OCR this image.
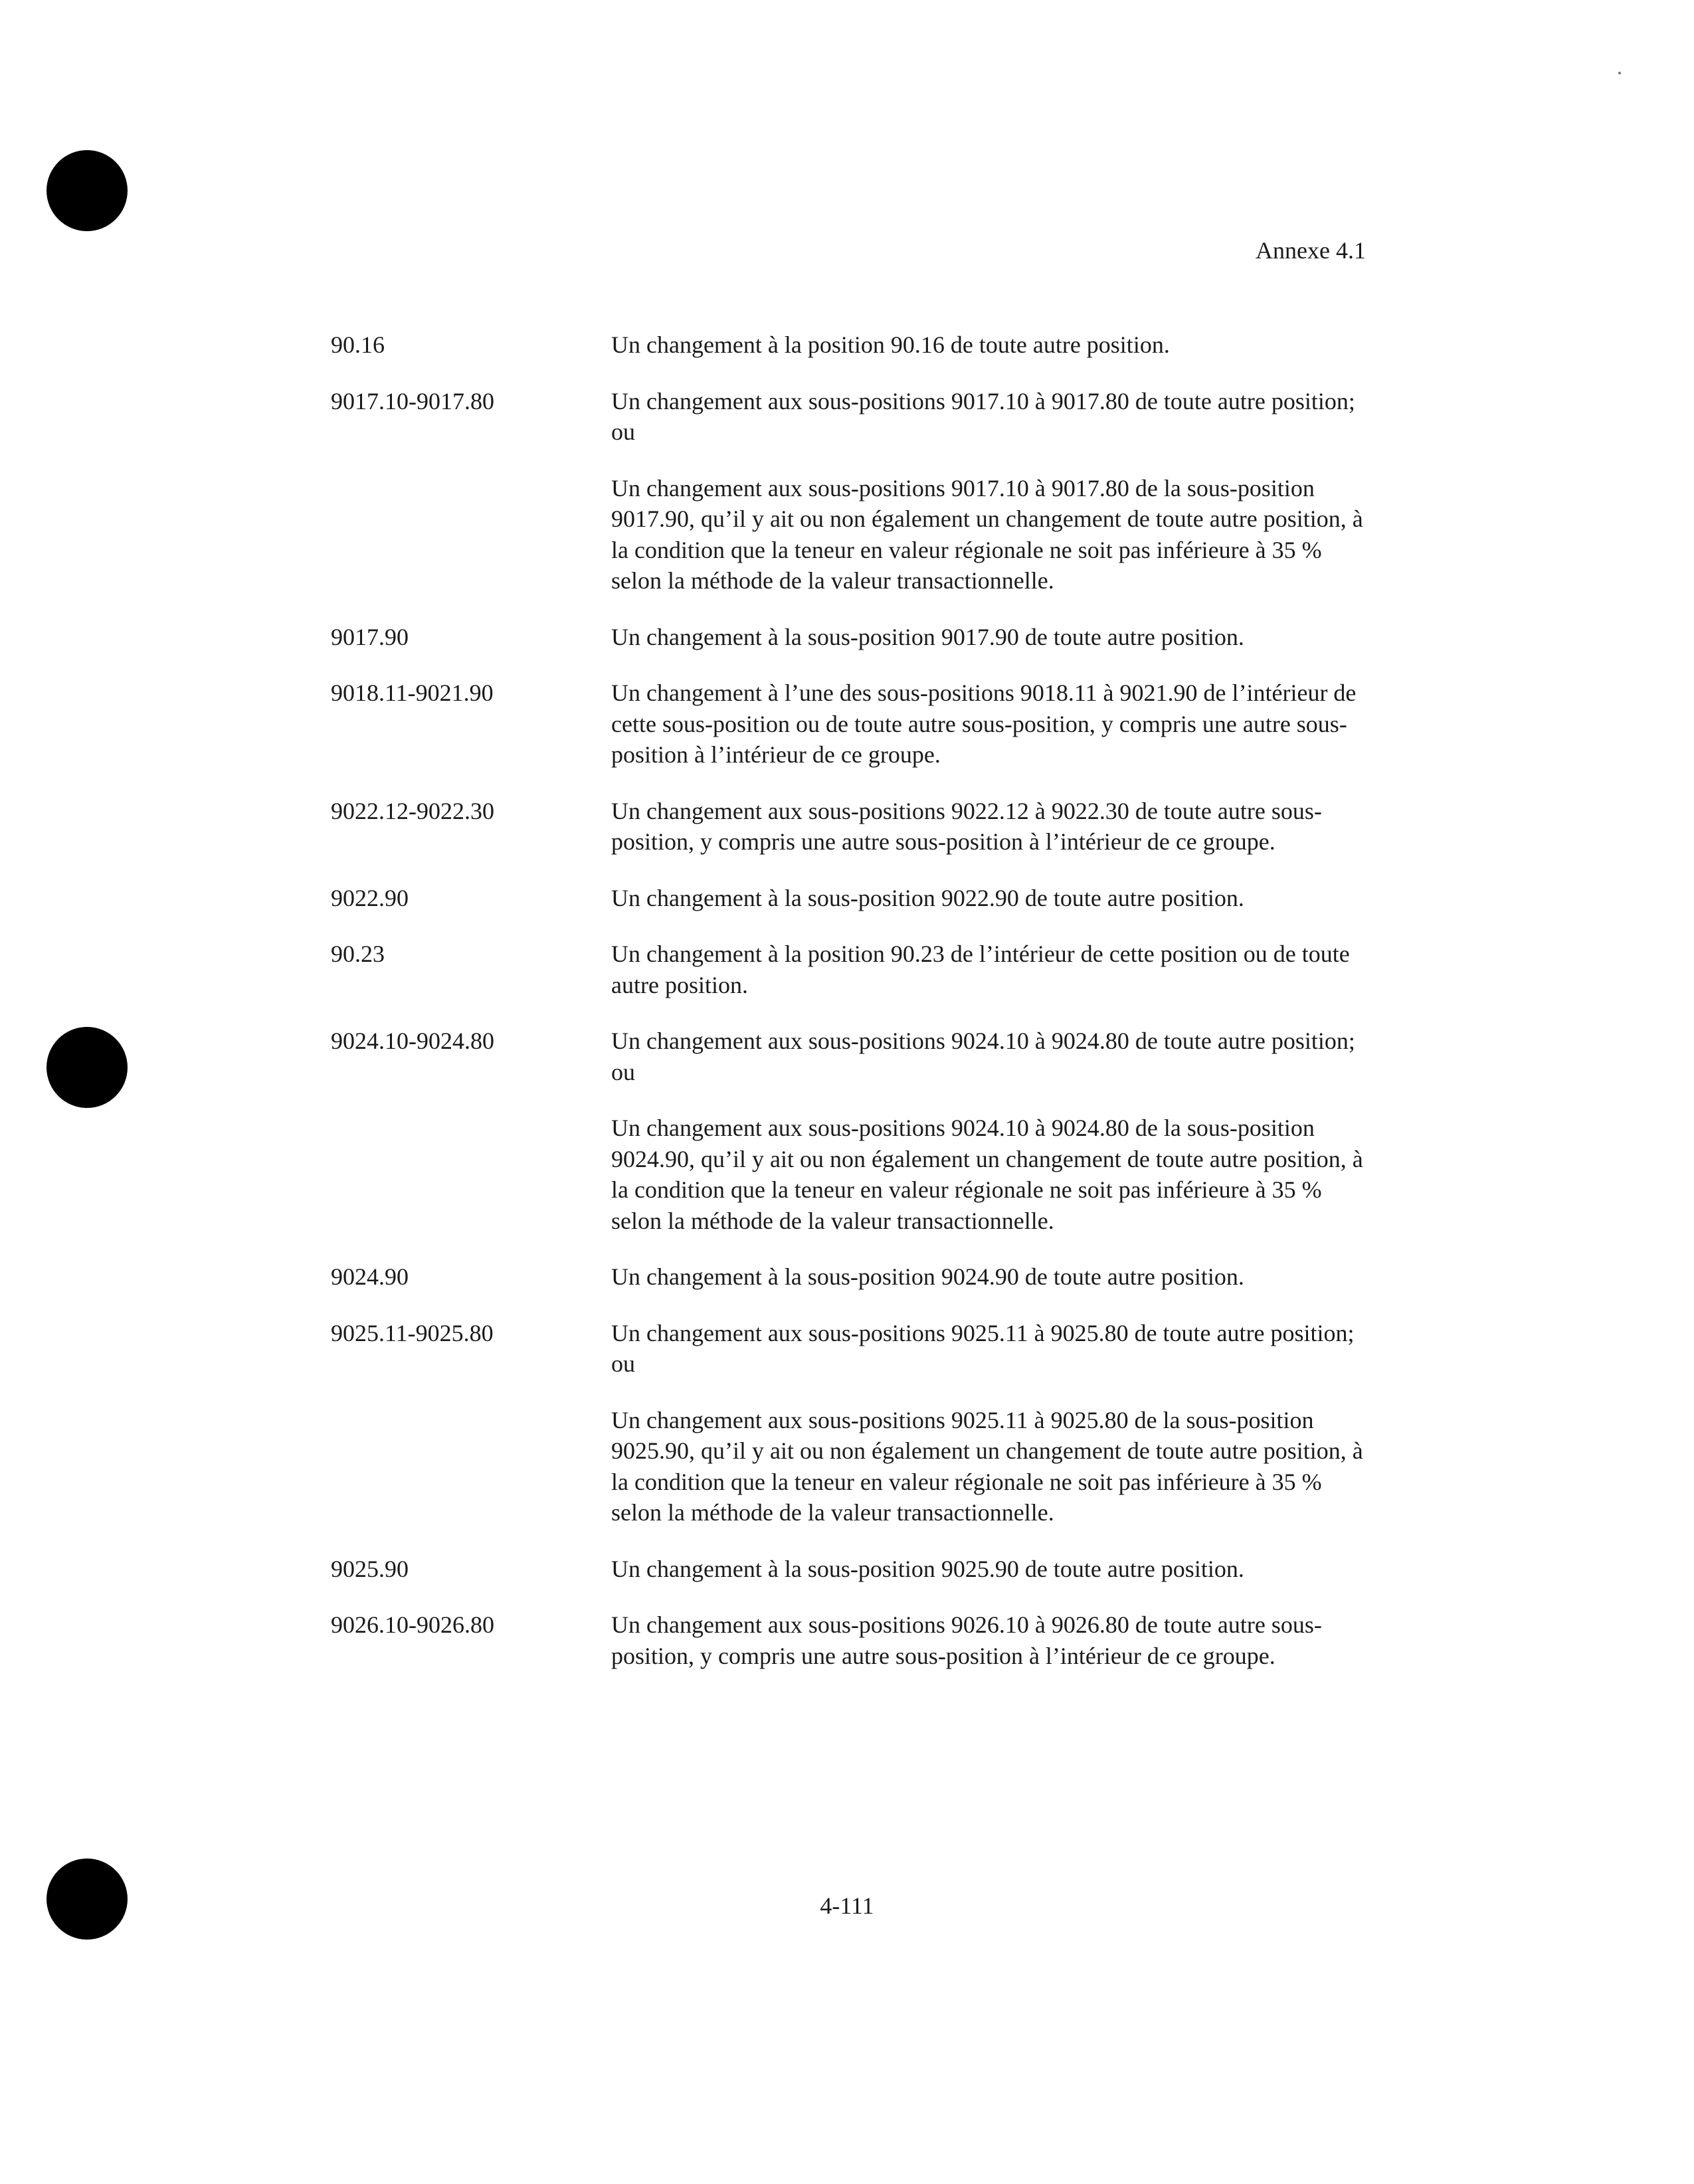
Annexe 4.1
90.16	Un changement à la position 90.16 de toute autre position.

9017.10-9017.80	Un changement aux sous-positions 9017.10 à 9017.80 de toute autre position; ou

Un changement aux sous-positions 9017.10 à 9017.80 de la sous-position 9017.90, qu’il y ait ou non également un changement de toute autre position, à la condition que la teneur en valeur régionale ne soit pas inférieure à 35 % selon la méthode de la valeur transactionnelle.

9017.90	Un changement à la sous-position 9017.90 de toute autre position.

9018.11-9021.90	Un changement à l’une des sous-positions 9018.11 à 9021.90 de l’intérieur de cette sous-position ou de toute autre sous-position, y compris une autre sous-position à l’intérieur de ce groupe.

9022.12-9022.30	Un changement aux sous-positions 9022.12 à 9022.30 de toute autre sous-position, y compris une autre sous-position à l’intérieur de ce groupe.

9022.90	Un changement à la sous-position 9022.90 de toute autre position.

90.23	Un changement à la position 90.23 de l’intérieur de cette position ou de toute autre position.

9024.10-9024.80	Un changement aux sous-positions 9024.10 à 9024.80 de toute autre position; ou

Un changement aux sous-positions 9024.10 à 9024.80 de la sous-position 9024.90, qu’il y ait ou non également un changement de toute autre position, à la condition que la teneur en valeur régionale ne soit pas inférieure à 35 % selon la méthode de la valeur transactionnelle.

9024.90	Un changement à la sous-position 9024.90 de toute autre position.

9025.11-9025.80	Un changement aux sous-positions 9025.11 à 9025.80 de toute autre position; ou

Un changement aux sous-positions 9025.11 à 9025.80 de la sous-position 9025.90, qu’il y ait ou non également un changement de toute autre position, à la condition que la teneur en valeur régionale ne soit pas inférieure à 35 % selon la méthode de la valeur transactionnelle.

9025.90	Un changement à la sous-position 9025.90 de toute autre position.

9026.10-9026.80	Un changement aux sous-positions 9026.10 à 9026.80 de toute autre sous-position, y compris une autre sous-position à l’intérieur de ce groupe.

4-111
